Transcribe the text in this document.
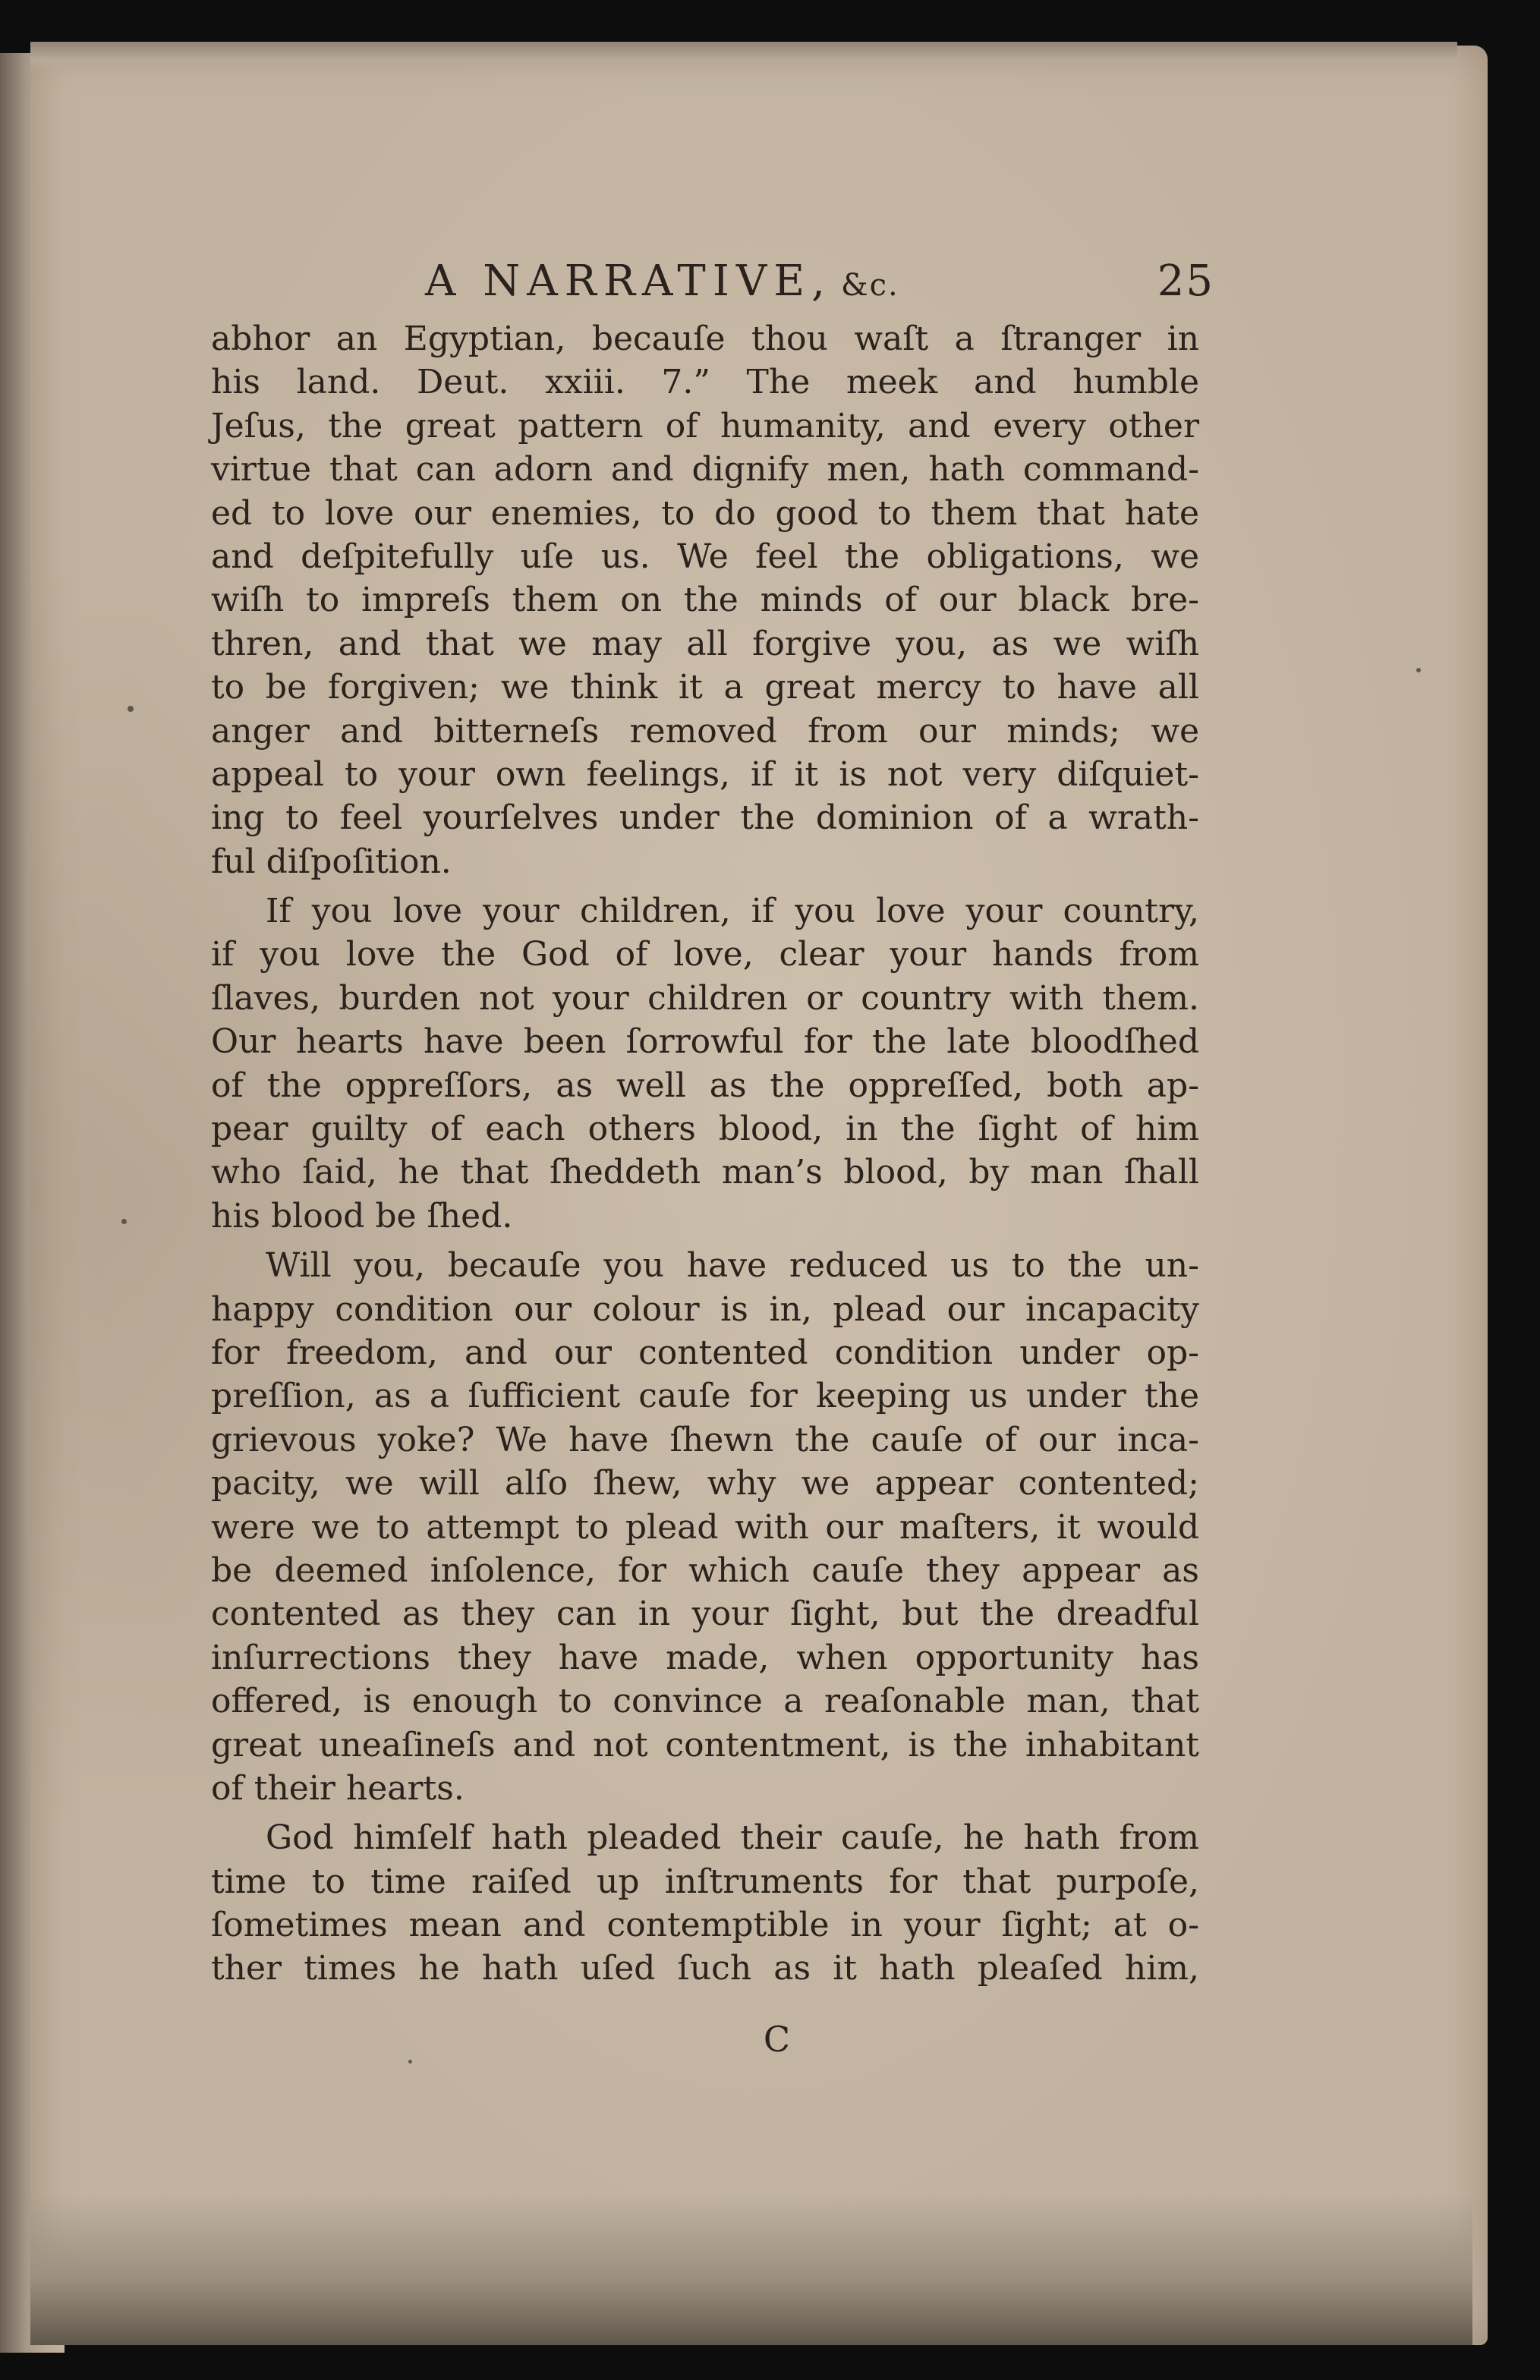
A NARRATIVE, &c.	25
abhor an Egyptian, becauſe thou waſt a ſtranger in
his land. Deut. xxiii. 7.” The meek and humble
Jeſus, the great pattern of humanity, and every other
virtue that can adorn and dignify men, hath command-
ed to love our enemies, to do good to them that hate
and deſpitefully uſe us. We feel the obligations, we
wiſh to impreſs them on the minds of our black bre-
thren, and that we may all forgive you, as we wiſh
to be forgiven; we think it a great mercy to have all
anger and bitterneſs removed from our minds; we
appeal to your own feelings, if it is not very diſquiet-
ing to feel yourſelves under the dominion of a wrath-
ful diſpoſition.
If you love your children, if you love your country,
if you love the God of love, clear your hands from
ſlaves, burden not your children or country with them.
Our hearts have been ſorrowful for the late bloodſhed
of the oppreſſors, as well as the oppreſſed, both ap-
pear guilty of each others blood, in the ſight of him
who ſaid, he that ſheddeth man’s blood, by man ſhall
his blood be ſhed.
Will you, becauſe you have reduced us to the un-
happy condition our colour is in, plead our incapacity
for freedom, and our contented condition under op-
preſſion, as a ſufficient cauſe for keeping us under the
grievous yoke? We have ſhewn the cauſe of our inca-
pacity, we will alſo ſhew, why we appear contented;
were we to attempt to plead with our maſters, it would
be deemed inſolence, for which cauſe they appear as
contented as they can in your ſight, but the dreadful
inſurrections they have made, when opportunity has
offered, is enough to convince a reaſonable man, that
great uneaſineſs and not contentment, is the inhabitant
of their hearts.
God himſelf hath pleaded their cauſe, he hath from
time to time raiſed up inſtruments for that purpoſe,
ſometimes mean and contemptible in your ſight; at o-
ther times he hath uſed ſuch as it hath pleaſed him,
C
